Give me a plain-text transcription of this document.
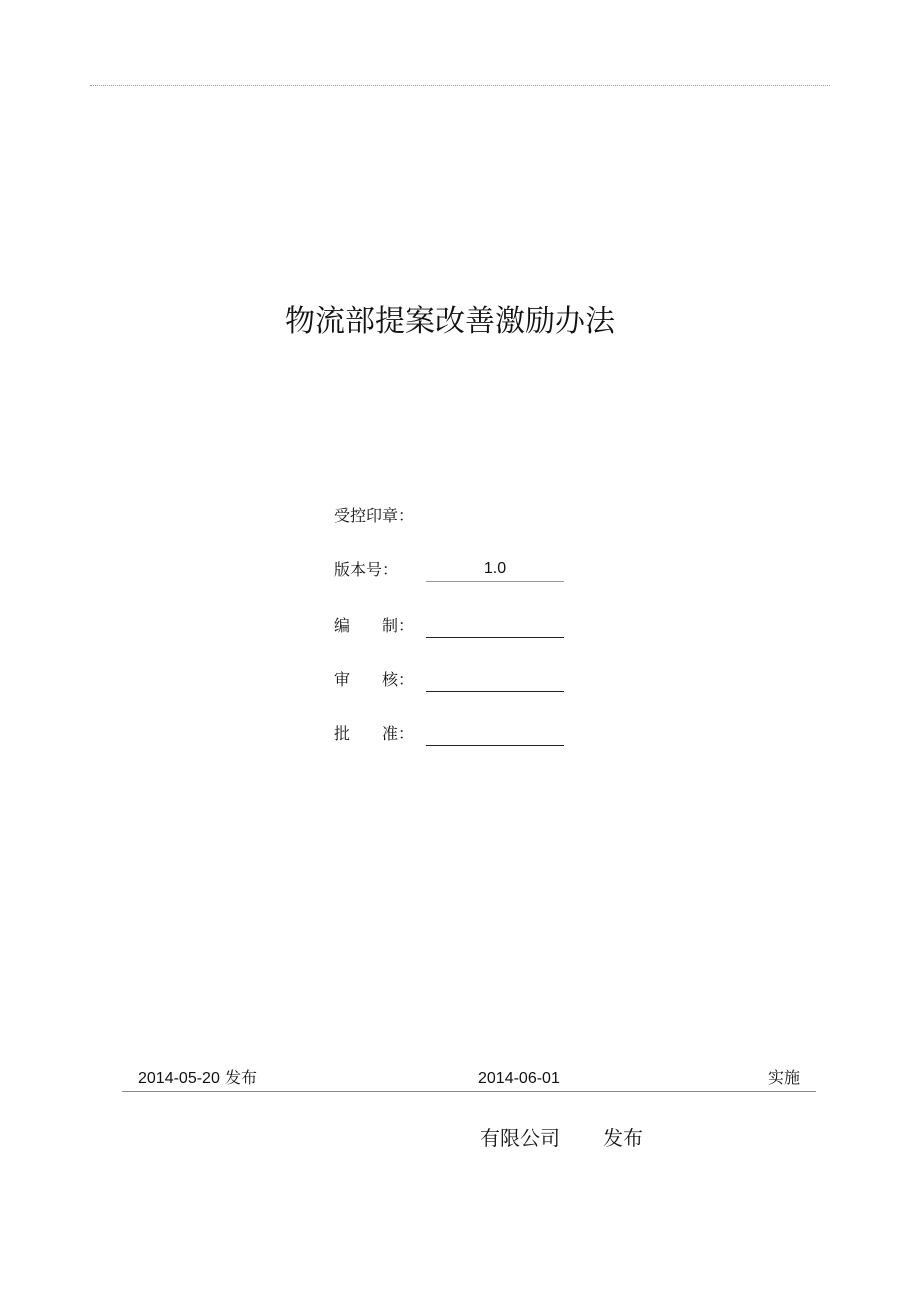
物流部提案改善激励办法
受控印章：
版本号：	1.0
编　　制：
审　　核：
批　　准：
2014-05-20 发布	2014-06-01	实施
有限公司 发布
